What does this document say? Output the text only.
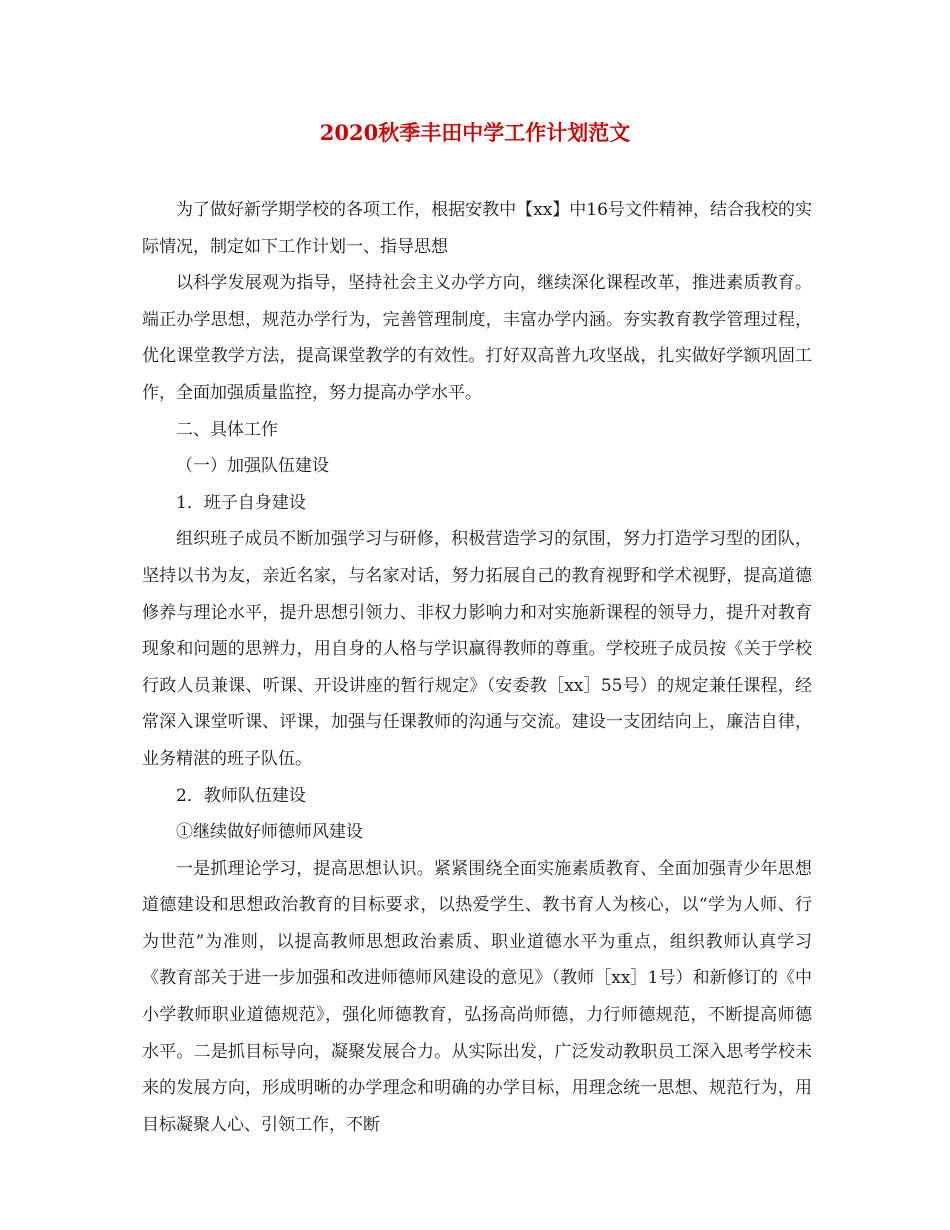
2020秋季丰田中学工作计划范文

为了做好新学期学校的各项工作，根据安教中【xx】中16号文件精神，结合我校的实际情况，制定如下工作计划一、指导思想

以科学发展观为指导，坚持社会主义办学方向，继续深化课程改革，推进素质教育。端正办学思想，规范办学行为，完善管理制度，丰富办学内涵。夯实教育教学管理过程，优化课堂教学方法，提高课堂教学的有效性。打好双高普九攻坚战，扎实做好学额巩固工作，全面加强质量监控，努力提高办学水平。

二、具体工作

（一）加强队伍建设

1．班子自身建设

组织班子成员不断加强学习与研修，积极营造学习的氛围，努力打造学习型的团队，坚持以书为友，亲近名家，与名家对话，努力拓展自己的教育视野和学术视野，提高道德修养与理论水平，提升思想引领力、非权力影响力和对实施新课程的领导力，提升对教育现象和问题的思辨力，用自身的人格与学识赢得教师的尊重。学校班子成员按《关于学校行政人员兼课、听课、开设讲座的暂行规定》（安委教［xx］55号）的规定兼任课程，经常深入课堂听课、评课，加强与任课教师的沟通与交流。建设一支团结向上，廉洁自律，业务精湛的班子队伍。

2．教师队伍建设

①继续做好师德师风建设

一是抓理论学习，提高思想认识。紧紧围绕全面实施素质教育、全面加强青少年思想道德建设和思想政治教育的目标要求，以热爱学生、教书育人为核心，以“学为人师、行为世范”为准则，以提高教师思想政治素质、职业道德水平为重点，组织教师认真学习《教育部关于进一步加强和改进师德师风建设的意见》（教师［xx］1号）和新修订的《中小学教师职业道德规范》，强化师德教育，弘扬高尚师德，力行师德规范，不断提高师德水平。二是抓目标导向，凝聚发展合力。从实际出发，广泛发动教职员工深入思考学校未来的发展方向，形成明晰的办学理念和明确的办学目标，用理念统一思想、规范行为，用目标凝聚人心、引领工作，不断
